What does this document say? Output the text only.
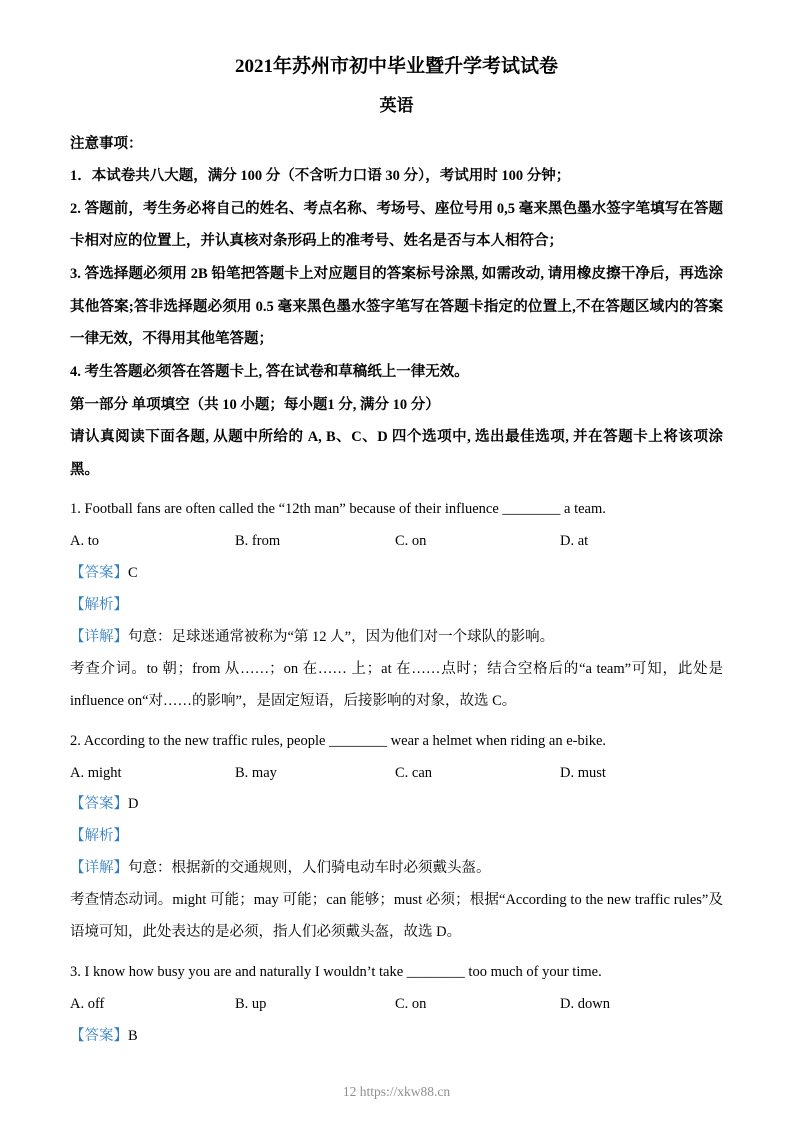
2021年苏州市初中毕业暨升学考试试卷
英语

注意事项：

1．本试卷共八大题，满分 100 分（不含听力口语 30 分），考试用时 100 分钟；

2. 答题前，考生务必将自己的姓名、考点名称、考场号、座位号用 0,5 毫来黑色墨水签字笔填写在答题卡相对应的位置上，并认真核对条形码上的准考号、姓名是否与本人相符合；

3. 答选择题必须用 2B 铅笔把答题卡上对应题目的答案标号涂黑, 如需改动, 请用橡皮擦干净后，再选涂其他答案;答非选择题必须用 0.5 毫来黑色墨水签字笔写在答题卡指定的位置上,不在答题区域内的答案一律无效，不得用其他笔答题；

4. 考生答题必须答在答题卡上, 答在试卷和草稿纸上一律无效。

第一部分 单项填空（共 10 小题；每小题1 分, 满分 10 分）

请认真阅读下面各题, 从题中所给的 A, B、C、D 四个选项中, 选出最佳选项, 并在答题卡上将该项涂黑。

1. Football fans are often called the “12th man” because of their influence ________ a team.

A. to	B. from	C. on	D. at

【答案】C

【解析】

【详解】句意：足球迷通常被称为“第 12 人”，因为他们对一个球队的影响。

考查介词。to 朝；from 从……；on 在…… 上；at 在……点时；结合空格后的“a team”可知，此处是 influence on“对……的影响”，是固定短语，后接影响的对象，故选 C。

2. According to the new traffic rules, people ________ wear a helmet when riding an e-bike.

A. might	B. may	C. can	D. must

【答案】D

【解析】

【详解】句意：根据新的交通规则，人们骑电动车时必须戴头盔。

考查情态动词。might 可能；may 可能；can 能够；must 必须；根据“According to the new traffic rules”及语境可知，此处表达的是必须，指人们必须戴头盔，故选 D。

3. I know how busy you are and naturally I wouldn’t take ________ too much of your time.

A. off	B. up	C. on	D. down

【答案】B

12 https://xkw88.cn
